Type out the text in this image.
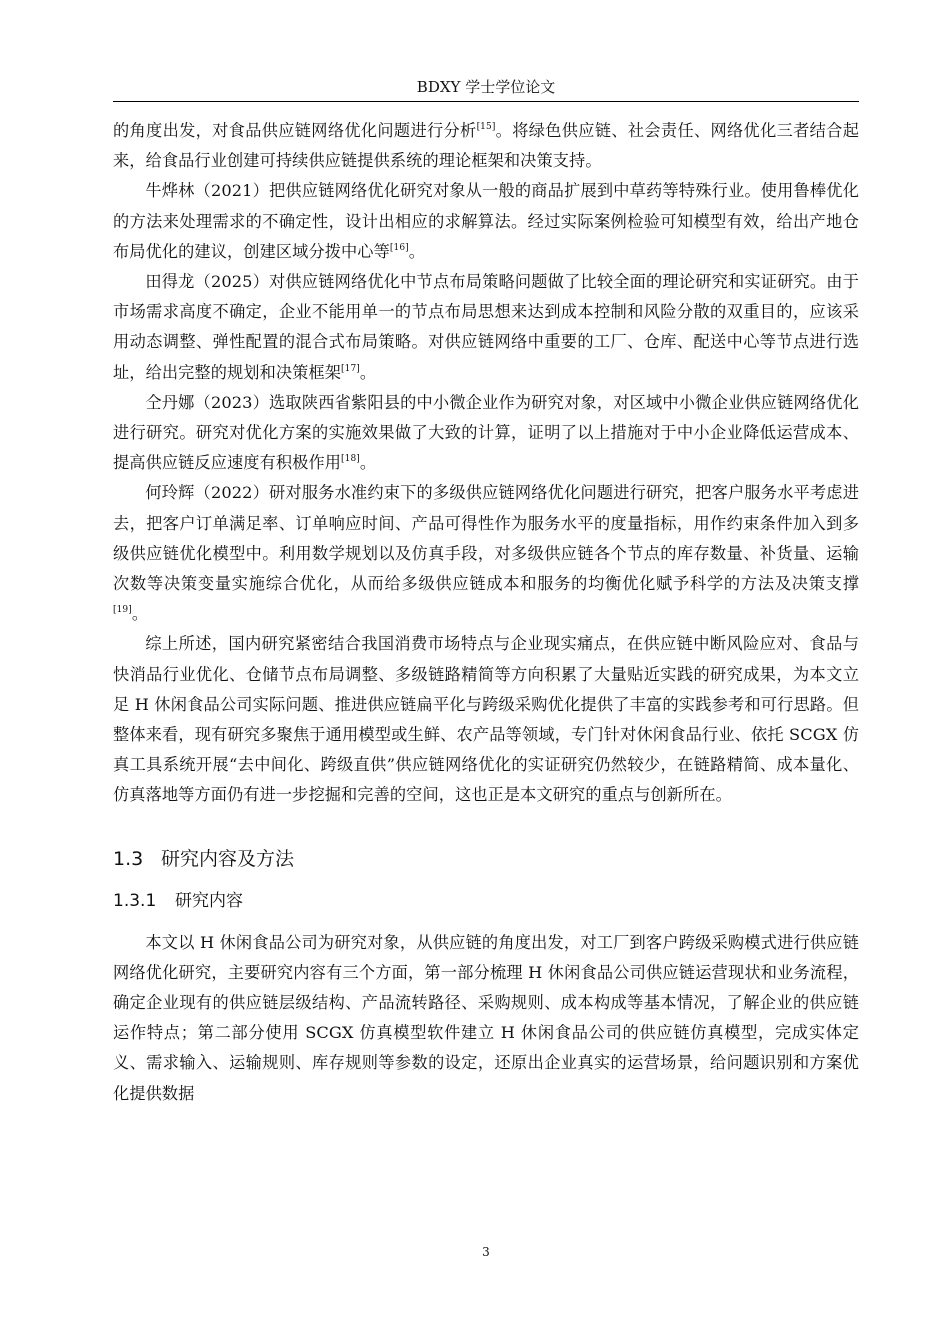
BDXY 学士学位论文

的角度出发，对食品供应链网络优化问题进行分析[15]。将绿色供应链、社会责任、网络优化三者结合起来，给食品行业创建可持续供应链提供系统的理论框架和决策支持。

牛烨林（2021）把供应链网络优化研究对象从一般的商品扩展到中草药等特殊行业。使用鲁棒优化的方法来处理需求的不确定性，设计出相应的求解算法。经过实际案例检验可知模型有效，给出产地仓布局优化的建议，创建区域分拨中心等[16]。

田得龙（2025）对供应链网络优化中节点布局策略问题做了比较全面的理论研究和实证研究。由于市场需求高度不确定，企业不能用单一的节点布局思想来达到成本控制和风险分散的双重目的，应该采用动态调整、弹性配置的混合式布局策略。对供应链网络中重要的工厂、仓库、配送中心等节点进行选址，给出完整的规划和决策框架[17]。

仝丹娜（2023）选取陕西省紫阳县的中小微企业作为研究对象，对区域中小微企业供应链网络优化进行研究。研究对优化方案的实施效果做了大致的计算，证明了以上措施对于中小企业降低运营成本、提高供应链反应速度有积极作用[18]。

何玲辉（2022）研对服务水准约束下的多级供应链网络优化问题进行研究，把客户服务水平考虑进去，把客户订单满足率、订单响应时间、产品可得性作为服务水平的度量指标，用作约束条件加入到多级供应链优化模型中。利用数学规划以及仿真手段，对多级供应链各个节点的库存数量、补货量、运输次数等决策变量实施综合优化，从而给多级供应链成本和服务的均衡优化赋予科学的方法及决策支撑[19]。

综上所述，国内研究紧密结合我国消费市场特点与企业现实痛点，在供应链中断风险应对、食品与快消品行业优化、仓储节点布局调整、多级链路精简等方向积累了大量贴近实践的研究成果，为本文立足 H 休闲食品公司实际问题、推进供应链扁平化与跨级采购优化提供了丰富的实践参考和可行思路。但整体来看，现有研究多聚焦于通用模型或生鲜、农产品等领域，专门针对休闲食品行业、依托 SCGX 仿真工具系统开展“去中间化、跨级直供”供应链网络优化的实证研究仍然较少，在链路精简、成本量化、仿真落地等方面仍有进一步挖掘和完善的空间，这也正是本文研究的重点与创新所在。

1.3 研究内容及方法
1.3.1 研究内容

本文以 H 休闲食品公司为研究对象，从供应链的角度出发，对工厂到客户跨级采购模式进行供应链网络优化研究，主要研究内容有三个方面，第一部分梳理 H 休闲食品公司供应链运营现状和业务流程，确定企业现有的供应链层级结构、产品流转路径、采购规则、成本构成等基本情况，了解企业的供应链运作特点；第二部分使用 SCGX 仿真模型软件建立 H 休闲食品公司的供应链仿真模型，完成实体定义、需求输入、运输规则、库存规则等参数的设定，还原出企业真实的运营场景，给问题识别和方案优化提供数据

3
